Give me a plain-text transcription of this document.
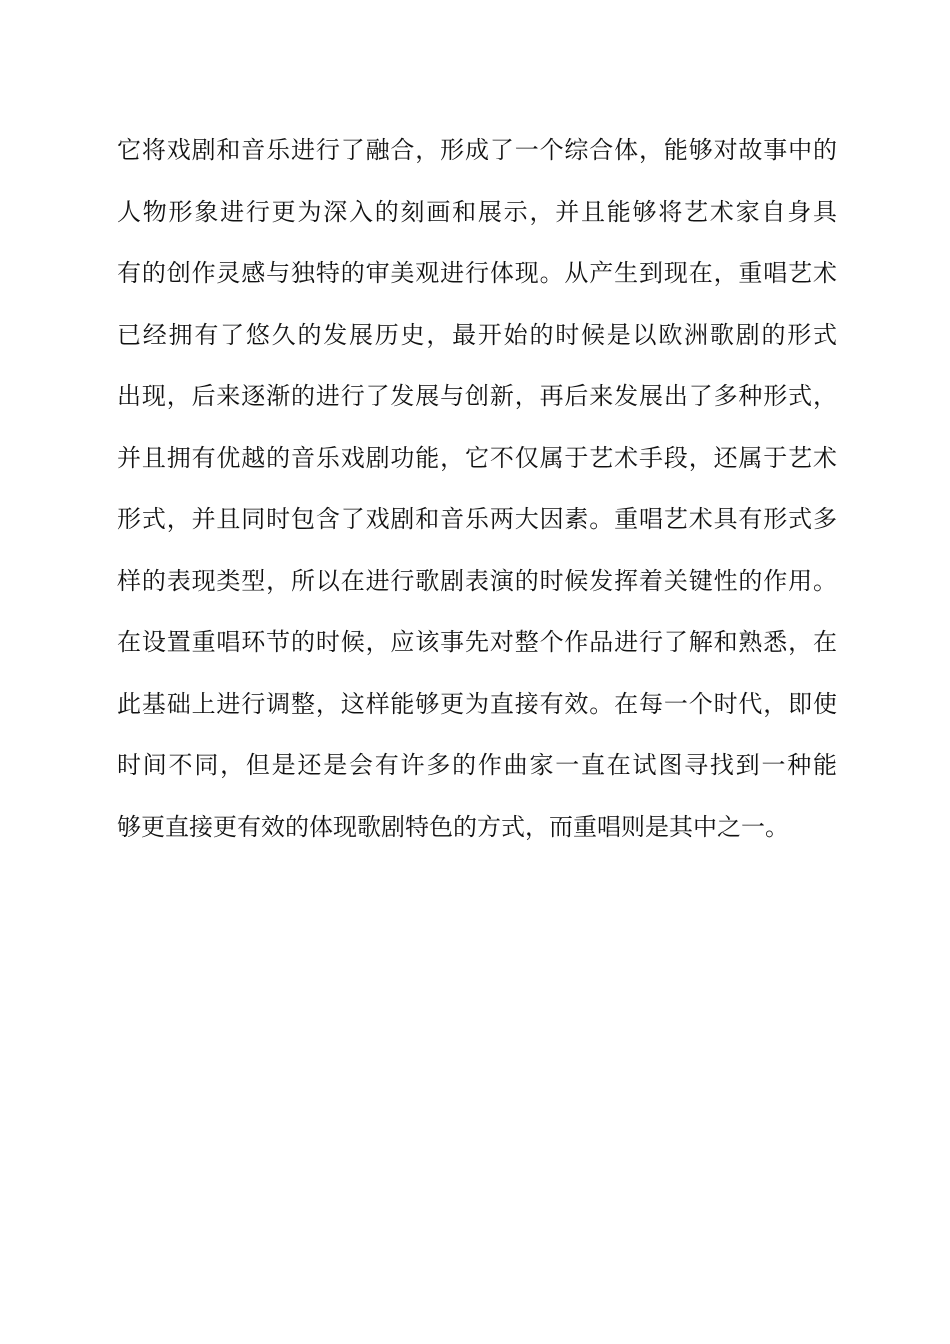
它将戏剧和音乐进行了融合，形成了一个综合体，能够对故事中的
人物形象进行更为深入的刻画和展示，并且能够将艺术家自身具
有的创作灵感与独特的审美观进行体现。从产生到现在，重唱艺术
已经拥有了悠久的发展历史，最开始的时候是以欧洲歌剧的形式
出现，后来逐渐的进行了发展与创新，再后来发展出了多种形式，
并且拥有优越的音乐戏剧功能，它不仅属于艺术手段，还属于艺术
形式，并且同时包含了戏剧和音乐两大因素。重唱艺术具有形式多
样的表现类型，所以在进行歌剧表演的时候发挥着关键性的作用。
在设置重唱环节的时候，应该事先对整个作品进行了解和熟悉，在
此基础上进行调整，这样能够更为直接有效。在每一个时代，即使
时间不同，但是还是会有许多的作曲家一直在试图寻找到一种能
够更直接更有效的体现歌剧特色的方式，而重唱则是其中之一。
